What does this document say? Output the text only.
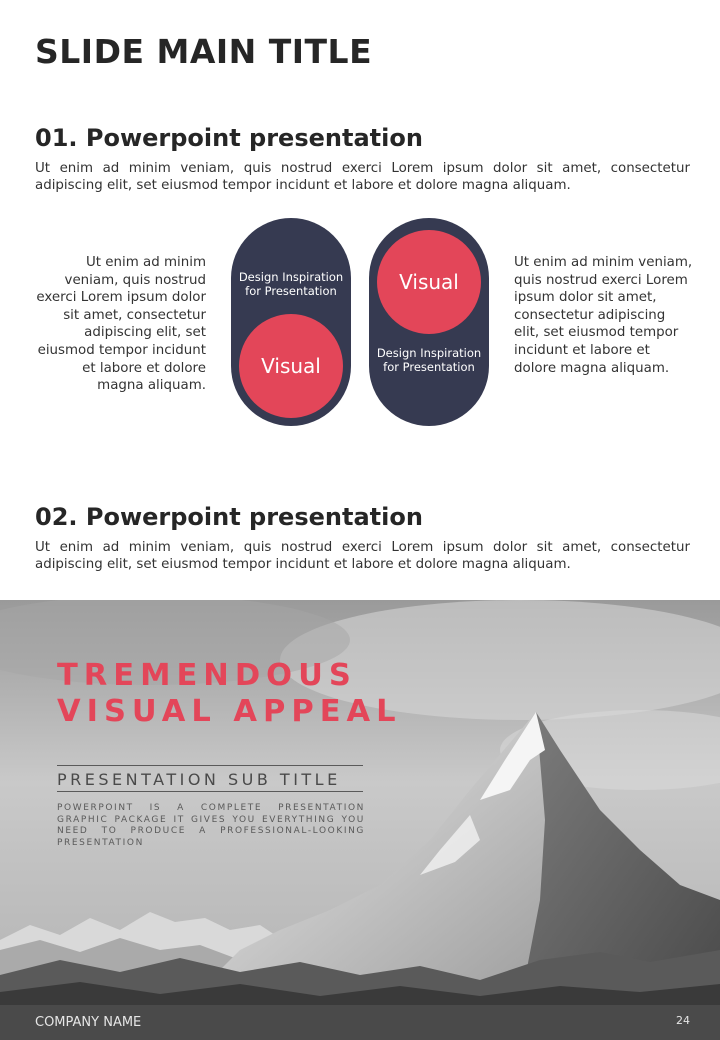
SLIDE MAIN TITLE
01. Powerpoint presentation
Ut enim ad minim veniam, quis nostrud exerci Lorem ipsum dolor sit amet, consectetur adipiscing elit, set eiusmod tempor incidunt et labore et dolore magna aliquam.
Ut enim ad minim veniam, quis nostrud exerci Lorem ipsum dolor sit amet, consectetur adipiscing elit, set eiusmod tempor incidunt et labore et dolore magna aliquam.
Design Inspiration for Presentation
Visual
Visual
Design Inspiration for Presentation
Ut enim ad minim veniam, quis nostrud exerci Lorem ipsum dolor sit amet, consectetur adipiscing elit, set eiusmod tempor incidunt et labore et dolore magna aliquam.
02. Powerpoint presentation
Ut enim ad minim veniam, quis nostrud exerci Lorem ipsum dolor sit amet, consectetur adipiscing elit, set eiusmod tempor incidunt et labore et dolore magna aliquam.
TREMENDOUS
VISUAL APPEAL
PRESENTATION SUB TITLE
POWERPOINT IS A COMPLETE PRESENTATION GRAPHIC PACKAGE IT GIVES YOU EVERYTHING YOU NEED TO PRODUCE A PROFESSIONAL-LOOKING PRESENTATION
COMPANY NAME	24
